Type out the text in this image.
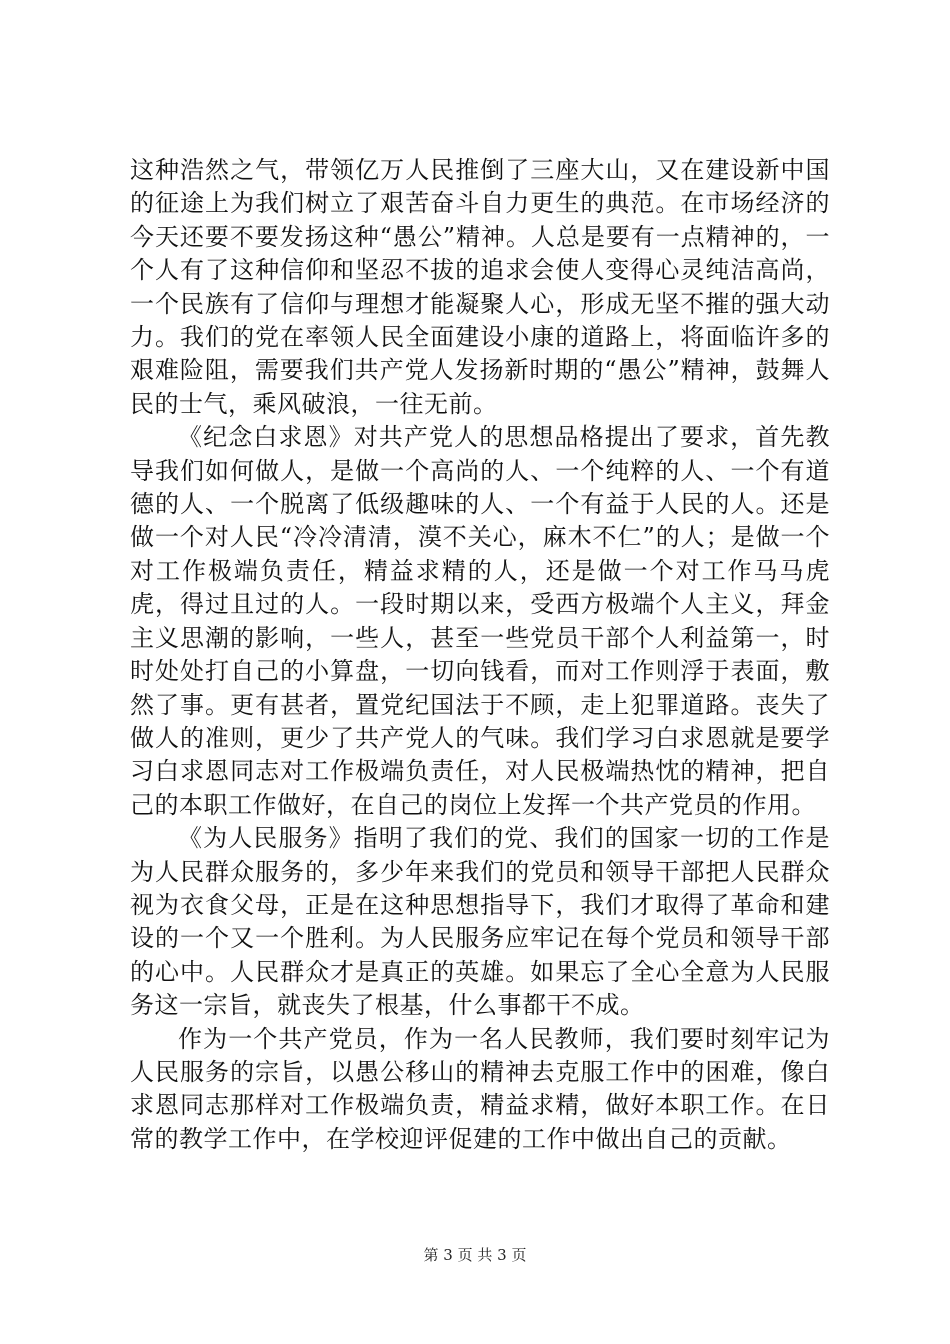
这种浩然之气，带领亿万人民推倒了三座大山，又在建设新中国的征途上为我们树立了艰苦奋斗自力更生的典范。在市场经济的今天还要不要发扬这种“愚公”精神。人总是要有一点精神的，一个人有了这种信仰和坚忍不拔的追求会使人变得心灵纯洁高尚，一个民族有了信仰与理想才能凝聚人心，形成无坚不摧的强大动力。我们的党在率领人民全面建设小康的道路上，将面临许多的艰难险阻，需要我们共产党人发扬新时期的“愚公”精神，鼓舞人民的士气，乘风破浪，一往无前。

《纪念白求恩》对共产党人的思想品格提出了要求，首先教导我们如何做人，是做一个高尚的人、一个纯粹的人、一个有道德的人、一个脱离了低级趣味的人、一个有益于人民的人。还是做一个对人民“冷冷清清，漠不关心，麻木不仁”的人；是做一个对工作极端负责任，精益求精的人，还是做一个对工作马马虎虎，得过且过的人。一段时期以来，受西方极端个人主义，拜金主义思潮的影响，一些人，甚至一些党员干部个人利益第一，时时处处打自己的小算盘，一切向钱看，而对工作则浮于表面，敷然了事。更有甚者，置党纪国法于不顾，走上犯罪道路。丧失了做人的准则，更少了共产党人的气味。我们学习白求恩就是要学习白求恩同志对工作极端负责任，对人民极端热忱的精神，把自己的本职工作做好，在自己的岗位上发挥一个共产党员的作用。

《为人民服务》指明了我们的党、我们的国家一切的工作是为人民群众服务的，多少年来我们的党员和领导干部把人民群众视为衣食父母，正是在这种思想指导下，我们才取得了革命和建设的一个又一个胜利。为人民服务应牢记在每个党员和领导干部的心中。人民群众才是真正的英雄。如果忘了全心全意为人民服务这一宗旨，就丧失了根基，什么事都干不成。

作为一个共产党员，作为一名人民教师，我们要时刻牢记为人民服务的宗旨，以愚公移山的精神去克服工作中的困难，像白求恩同志那样对工作极端负责，精益求精，做好本职工作。在日常的教学工作中，在学校迎评促建的工作中做出自己的贡献。

第 3 页 共 3 页
